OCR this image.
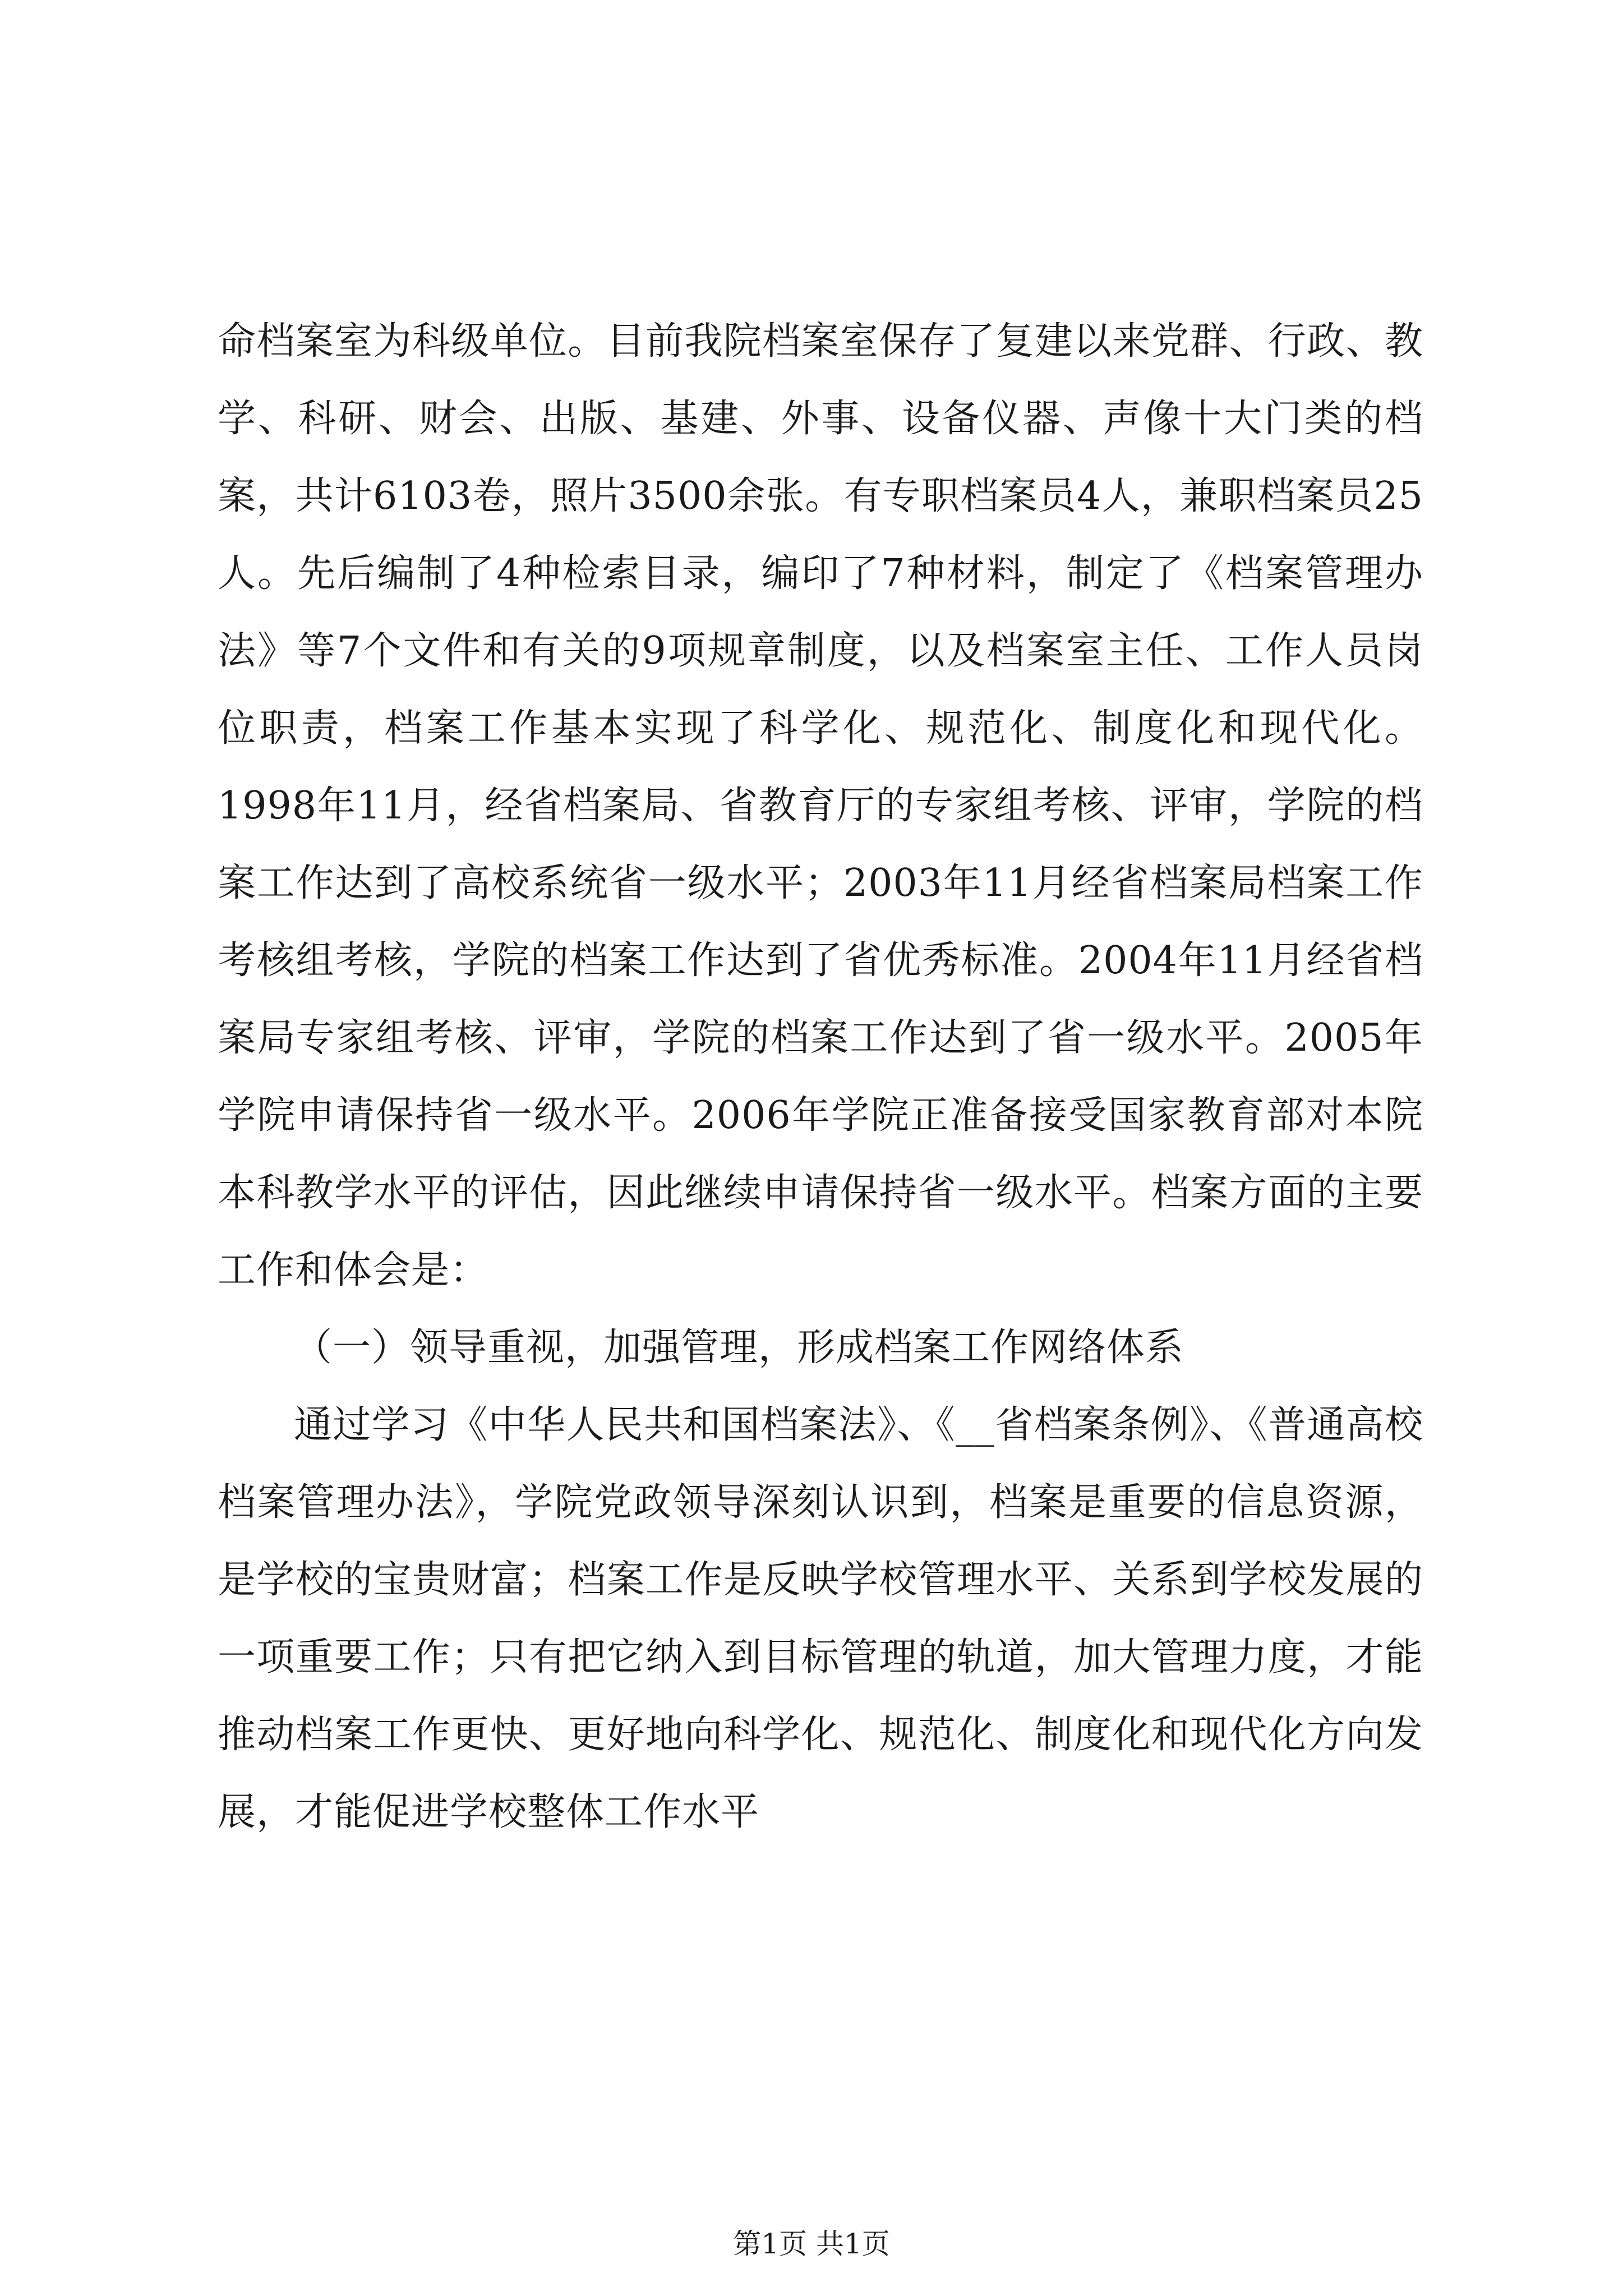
命档案室为科级单位。目前我院档案室保存了复建以来党群、行政、教学、科研、财会、出版、基建、外事、设备仪器、声像十大门类的档案，共计6103卷，照片3500余张。有专职档案员4人，兼职档案员25人。先后编制了4种检索目录，编印了7种材料，制定了《档案管理办法》等7个文件和有关的9项规章制度，以及档案室主任、工作人员岗位职责，档案工作基本实现了科学化、规范化、制度化和现代化。1998年11月，经省档案局、省教育厅的专家组考核、评审，学院的档案工作达到了高校系统省一级水平；2003年11月经省档案局档案工作考核组考核，学院的档案工作达到了省优秀标准。2004年11月经省档案局专家组考核、评审，学院的档案工作达到了省一级水平。2005年学院申请保持省一级水平。2006年学院正准备接受国家教育部对本院本科教学水平的评估，因此继续申请保持省一级水平。档案方面的主要工作和体会是：

（一）领导重视，加强管理，形成档案工作网络体系

通过学习《中华人民共和国档案法》、《__省档案条例》、《普通高校档案管理办法》，学院党政领导深刻认识到，档案是重要的信息资源，是学校的宝贵财富；档案工作是反映学校管理水平、关系到学校发展的一项重要工作；只有把它纳入到目标管理的轨道，加大管理力度，才能推动档案工作更快、更好地向科学化、规范化、制度化和现代化方向发展，才能促进学校整体工作水平

第1页 共1页
